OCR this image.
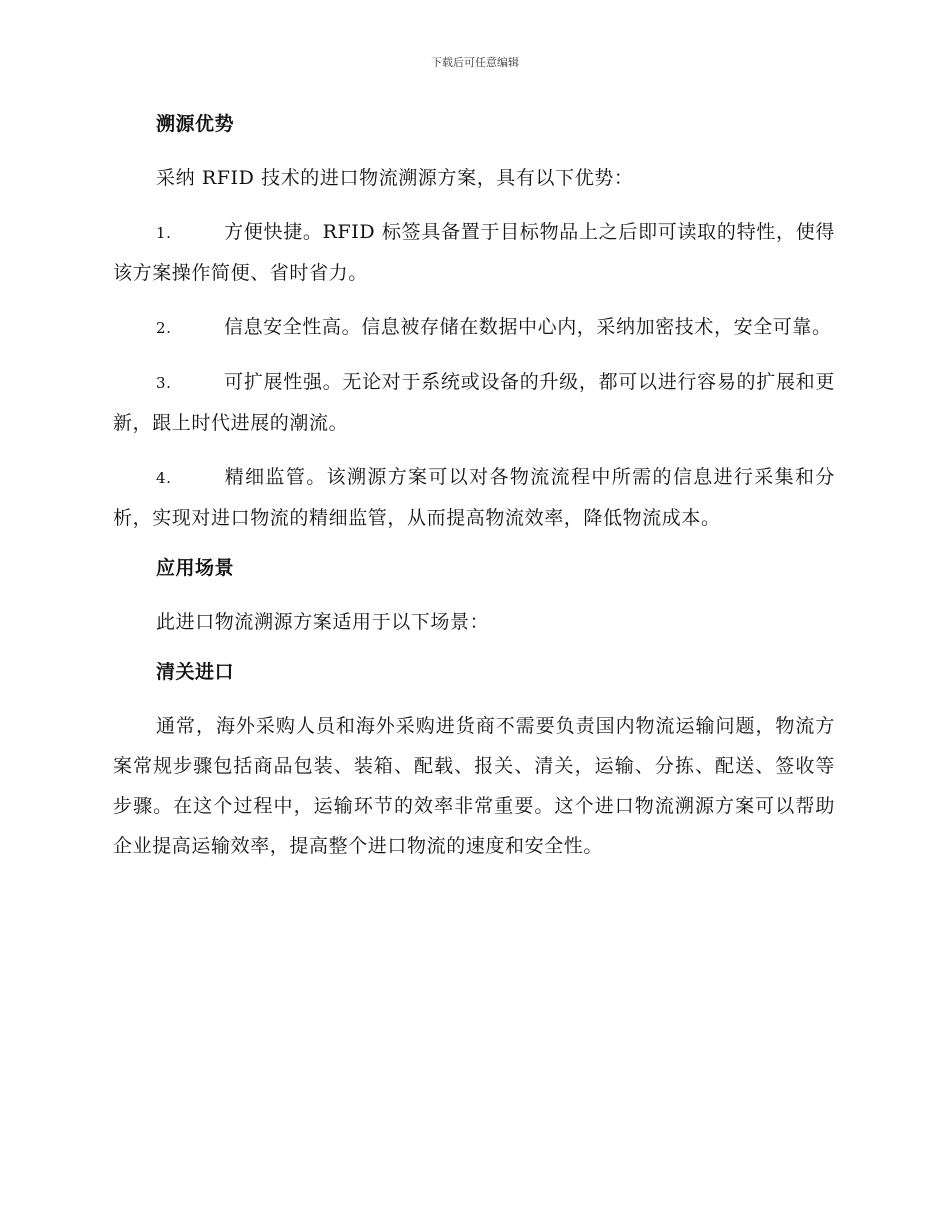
下载后可任意编辑
溯源优势
采纳 RFID 技术的进口物流溯源方案，具有以下优势：
1.	方便快捷。RFID 标签具备置于目标物品上之后即可读取的特性，使得该方案操作简便、省时省力。
2.	信息安全性高。信息被存储在数据中心内，采纳加密技术，安全可靠。
3.	可扩展性强。无论对于系统或设备的升级，都可以进行容易的扩展和更新，跟上时代进展的潮流。
4.	精细监管。该溯源方案可以对各物流流程中所需的信息进行采集和分析，实现对进口物流的精细监管，从而提高物流效率，降低物流成本。
应用场景
此进口物流溯源方案适用于以下场景：
清关进口
通常，海外采购人员和海外采购进货商不需要负责国内物流运输问题，物流方案常规步骤包括商品包装、装箱、配载、报关、清关，运输、分拣、配送、签收等步骤。在这个过程中，运输环节的效率非常重要。这个进口物流溯源方案可以帮助企业提高运输效率，提高整个进口物流的速度和安全性。
